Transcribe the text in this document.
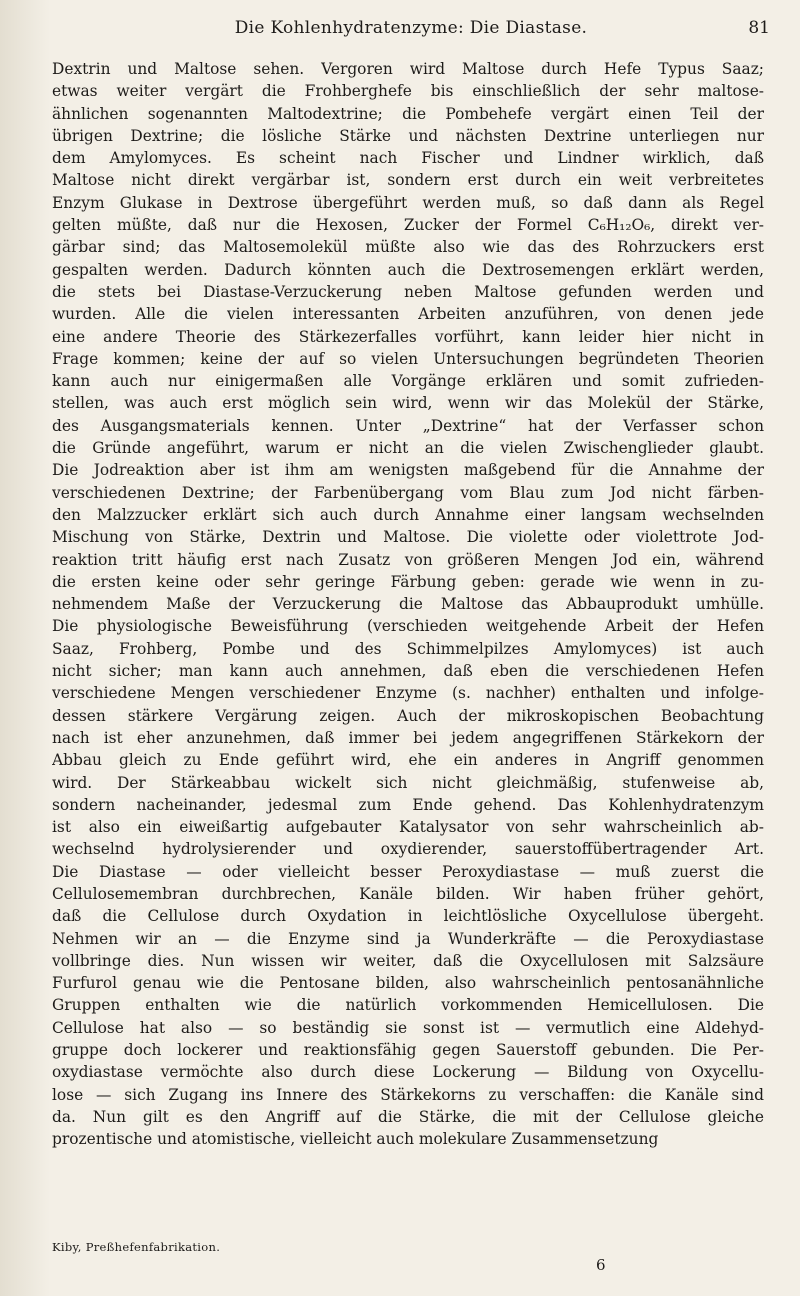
Die Kohlenhydratenzyme: Die Diastase.	81

Dextrin und Maltose sehen. Vergoren wird Maltose durch Hefe Typus Saaz;

etwas weiter vergärt die Frohberghefe bis einschließlich der sehr maltose-

ähnlichen sogenannten Maltodextrine; die Pombehefe vergärt einen Teil der

übrigen Dextrine; die lösliche Stärke und nächsten Dextrine unterliegen nur

dem Amylomyces. Es scheint nach Fischer und Lindner wirklich, daß

Maltose nicht direkt vergärbar ist, sondern erst durch ein weit verbreitetes

Enzym Glukase in Dextrose übergeführt werden muß, so daß dann als Regel

gelten müßte, daß nur die Hexosen, Zucker der Formel C₆H₁₂O₆, direkt ver-

gärbar sind; das Maltosemolekül müßte also wie das des Rohrzuckers erst

gespalten werden. Dadurch könnten auch die Dextrosemengen erklärt werden,

die stets bei Diastase-Verzuckerung neben Maltose gefunden werden und

wurden. Alle die vielen interessanten Arbeiten anzuführen, von denen jede

eine andere Theorie des Stärkezerfalles vorführt, kann leider hier nicht in

Frage kommen; keine der auf so vielen Untersuchungen begründeten Theorien

kann auch nur einigermaßen alle Vorgänge erklären und somit zufrieden-

stellen, was auch erst möglich sein wird, wenn wir das Molekül der Stärke,

des Ausgangsmaterials kennen. Unter „Dextrine“ hat der Verfasser schon

die Gründe angeführt, warum er nicht an die vielen Zwischenglieder glaubt.

Die Jodreaktion aber ist ihm am wenigsten maßgebend für die Annahme der

verschiedenen Dextrine; der Farbenübergang vom Blau zum Jod nicht färben-

den Malzzucker erklärt sich auch durch Annahme einer langsam wechselnden

Mischung von Stärke, Dextrin und Maltose. Die violette oder violettrote Jod-

reaktion tritt häufig erst nach Zusatz von größeren Mengen Jod ein, während

die ersten keine oder sehr geringe Färbung geben: gerade wie wenn in zu-

nehmendem Maße der Verzuckerung die Maltose das Abbauprodukt umhülle.

Die physiologische Beweisführung (verschieden weitgehende Arbeit der Hefen

Saaz, Frohberg, Pombe und des Schimmelpilzes Amylomyces) ist auch

nicht sicher; man kann auch annehmen, daß eben die verschiedenen Hefen

verschiedene Mengen verschiedener Enzyme (s. nachher) enthalten und infolge-

dessen stärkere Vergärung zeigen. Auch der mikroskopischen Beobachtung

nach ist eher anzunehmen, daß immer bei jedem angegriffenen Stärkekorn der

Abbau gleich zu Ende geführt wird, ehe ein anderes in Angriff genommen

wird. Der Stärkeabbau wickelt sich nicht gleichmäßig, stufenweise ab,

sondern nacheinander, jedesmal zum Ende gehend. Das Kohlenhydratenzym

ist also ein eiweißartig aufgebauter Katalysator von sehr wahrscheinlich ab-

wechselnd hydrolysierender und oxydierender, sauerstoffübertragender Art.

Die Diastase — oder vielleicht besser Peroxydiastase — muß zuerst die

Cellulosemembran durchbrechen, Kanäle bilden. Wir haben früher gehört,

daß die Cellulose durch Oxydation in leichtlösliche Oxycellulose übergeht.

Nehmen wir an — die Enzyme sind ja Wunderkräfte — die Peroxydiastase

vollbringe dies. Nun wissen wir weiter, daß die Oxycellulosen mit Salzsäure

Furfurol genau wie die Pentosane bilden, also wahrscheinlich pentosanähnliche

Gruppen enthalten wie die natürlich vorkommenden Hemicellulosen. Die

Cellulose hat also — so beständig sie sonst ist — vermutlich eine Aldehyd-

gruppe doch lockerer und reaktionsfähig gegen Sauerstoff gebunden. Die Per-

oxydiastase vermöchte also durch diese Lockerung — Bildung von Oxycellu-

lose — sich Zugang ins Innere des Stärkekorns zu verschaffen: die Kanäle sind

da. Nun gilt es den Angriff auf die Stärke, die mit der Cellulose gleiche

prozentische und atomistische, vielleicht auch molekulare Zusammensetzung

Kiby, Preßhefenfabrikation.
6
